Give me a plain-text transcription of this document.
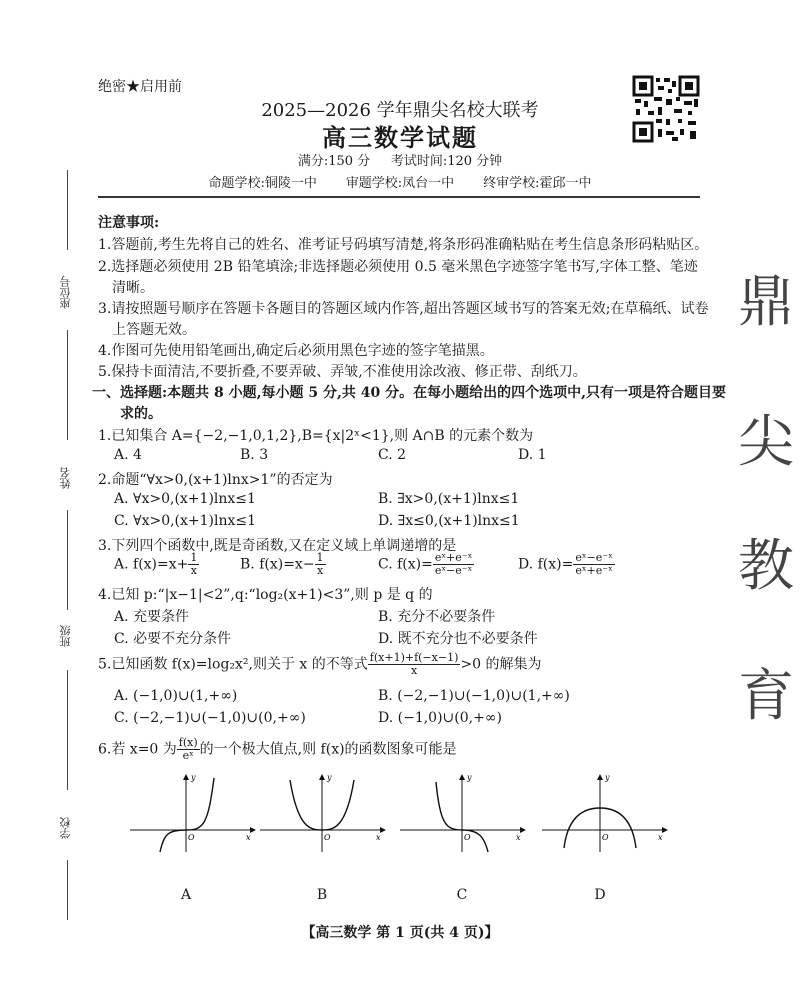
绝密★启用前
2025—2026 学年鼎尖名校大联考
高三数学试题
满分:150 分 考试时间:120 分钟
命题学校:铜陵一中 审题学校:凤台一中 终审学校:霍邱一中
座位号
姓名
班级
学校
鼎
尖
教
育
注意事项:
1.答题前,考生先将自己的姓名、准考证号码填写清楚,将条形码准确粘贴在考生信息条形码粘贴区。
2.选择题必须使用 2B 铅笔填涂;非选择题必须使用 0.5 毫米黑色字迹签字笔书写,字体工整、笔迹
清晰。
3.请按照题号顺序在答题卡各题目的答题区域内作答,超出答题区域书写的答案无效;在草稿纸、试卷
上答题无效。
4.作图可先使用铅笔画出,确定后必须用黑色字迹的签字笔描黑。
5.保持卡面清洁,不要折叠,不要弄破、弄皱,不准使用涂改液、修正带、刮纸刀。
一、选择题:本题共 8 小题,每小题 5 分,共 40 分。在每小题给出的四个选项中,只有一项是符合题目要
求的。
1.已知集合 A={−2,−1,0,1,2},B={x|2ˣ<1},则 A∩B 的元素个数为
A. 4	B. 3	C. 2	D. 1
2.命题“∀x>0,(x+1)lnx>1”的否定为
A. ∀x>0,(x+1)lnx≤1	B. ∃x>0,(x+1)lnx≤1
C. ∀x>0,(x+1)lnx≤1	D. ∃x≤0,(x+1)lnx≤1
3.下列四个函数中,既是奇函数,又在定义域上单调递增的是
A. $f(x)=x+ \frac{1}{x}$	B. $f(x)=x- \frac{1}{x}$	C. $f(x)= \frac{\text{eˣ+e⁻ˣ}}{\text{eˣ−e⁻ˣ}}$	D. $f(x)= \frac{\text{eˣ−e⁻ˣ}}{\text{eˣ+e⁻ˣ}}$
4.已知 p:“|x−1|<2”,q:“log₂(x+1)<3”,则 p 是 q 的
A. 充要条件	B. 充分不必要条件
C. 必要不充分条件	D. 既不充分也不必要条件
5.已知函数 f(x)=log₂x²,则关于 x 的不等式 $\frac{f(x+1)+f(-x-1)}{x} >0$ 的解集为
A. (−1,0)∪(1,+∞)	B. (−2,−1)∪(−1,0)∪(1,+∞)
C. (−2,−1)∪(−1,0)∪(0,+∞)	D. (−1,0)∪(0,+∞)
6.若 x=0 为 $\frac{f(x)}{\text{eˣ}}$ 的一个极大值点,则 f(x)的函数图象可能是
y
x
O
y
x
O
y
x
O
y
x
O
A	B	C	D
【高三数学 第 1 页(共 4 页)】
